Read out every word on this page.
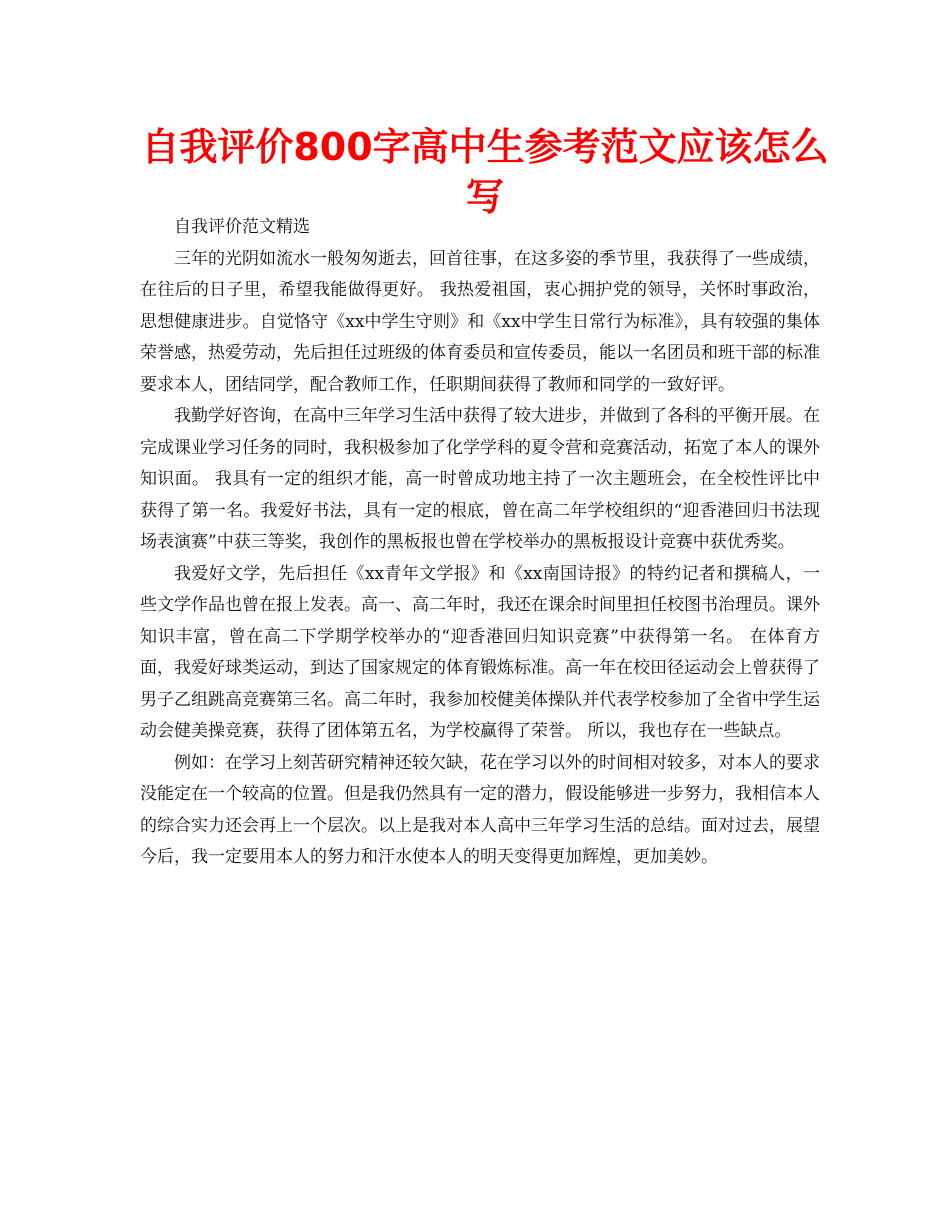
自我评价800字高中生参考范文应该怎么写

自我评价范文精选

三年的光阴如流水一般匆匆逝去，回首往事，在这多姿的季节里，我获得了一些成绩，在往后的日子里，希望我能做得更好。 我热爱祖国，衷心拥护党的领导，关怀时事政治，思想健康进步。自觉恪守《xx中学生守则》和《xx中学生日常行为标准》，具有较强的集体荣誉感，热爱劳动，先后担任过班级的体育委员和宣传委员，能以一名团员和班干部的标准要求本人，团结同学，配合教师工作，任职期间获得了教师和同学的一致好评。

我勤学好咨询，在高中三年学习生活中获得了较大进步，并做到了各科的平衡开展。在完成课业学习任务的同时，我积极参加了化学学科的夏令营和竞赛活动，拓宽了本人的课外知识面。 我具有一定的组织才能，高一时曾成功地主持了一次主题班会，在全校性评比中获得了第一名。我爱好书法，具有一定的根底，曾在高二年学校组织的“迎香港回归书法现场表演赛”中获三等奖，我创作的黑板报也曾在学校举办的黑板报设计竞赛中获优秀奖。

我爱好文学，先后担任《xx青年文学报》和《xx南国诗报》的特约记者和撰稿人，一些文学作品也曾在报上发表。高一、高二年时，我还在课余时间里担任校图书治理员。课外知识丰富，曾在高二下学期学校举办的“迎香港回归知识竞赛”中获得第一名。 在体育方面，我爱好球类运动，到达了国家规定的体育锻炼标准。高一年在校田径运动会上曾获得了男子乙组跳高竞赛第三名。高二年时，我参加校健美体操队并代表学校参加了全省中学生运动会健美操竞赛，获得了团体第五名，为学校赢得了荣誉。 所以，我也存在一些缺点。

例如：在学习上刻苦研究精神还较欠缺，花在学习以外的时间相对较多，对本人的要求没能定在一个较高的位置。但是我仍然具有一定的潜力，假设能够进一步努力，我相信本人的综合实力还会再上一个层次。以上是我对本人高中三年学习生活的总结。面对过去，展望今后，我一定要用本人的努力和汗水使本人的明天变得更加辉煌，更加美妙。
